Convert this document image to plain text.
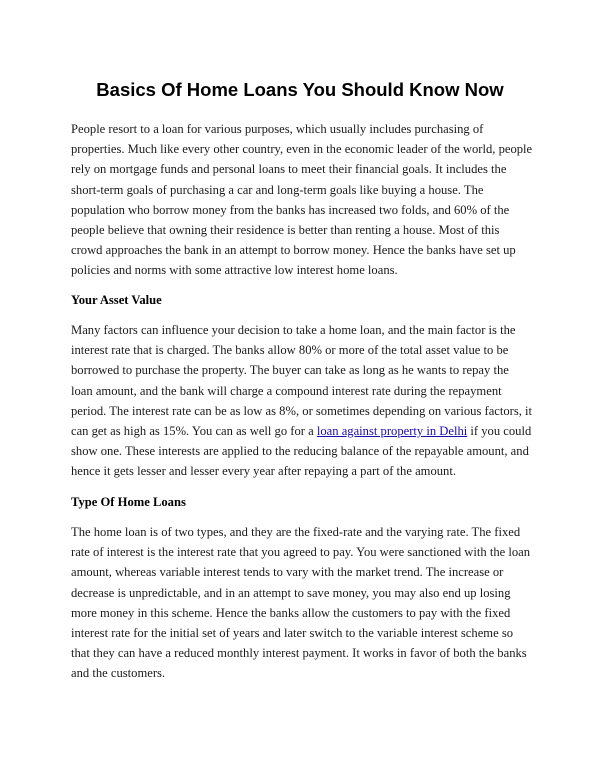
Basics Of Home Loans You Should Know Now

People resort to a loan for various purposes, which usually includes purchasing of properties. Much like every other country, even in the economic leader of the world, people rely on mortgage funds and personal loans to meet their financial goals. It includes the short-term goals of purchasing a car and long-term goals like buying a house. The population who borrow money from the banks has increased two folds, and 60% of the people believe that owning their residence is better than renting a house. Most of this crowd approaches the bank in an attempt to borrow money. Hence the banks have set up policies and norms with some attractive low interest home loans.

Your Asset Value

Many factors can influence your decision to take a home loan, and the main factor is the interest rate that is charged. The banks allow 80% or more of the total asset value to be borrowed to purchase the property. The buyer can take as long as he wants to repay the loan amount, and the bank will charge a compound interest rate during the repayment period. The interest rate can be as low as 8%, or sometimes depending on various factors, it can get as high as 15%. You can as well go for a loan against property in Delhi if you could show one. These interests are applied to the reducing balance of the repayable amount, and hence it gets lesser and lesser every year after repaying a part of the amount.

Type Of Home Loans

The home loan is of two types, and they are the fixed-rate and the varying rate. The fixed rate of interest is the interest rate that you agreed to pay. You were sanctioned with the loan amount, whereas variable interest tends to vary with the market trend. The increase or decrease is unpredictable, and in an attempt to save money, you may also end up losing more money in this scheme. Hence the banks allow the customers to pay with the fixed interest rate for the initial set of years and later switch to the variable interest scheme so that they can have a reduced monthly interest payment. It works in favor of both the banks and the customers.
